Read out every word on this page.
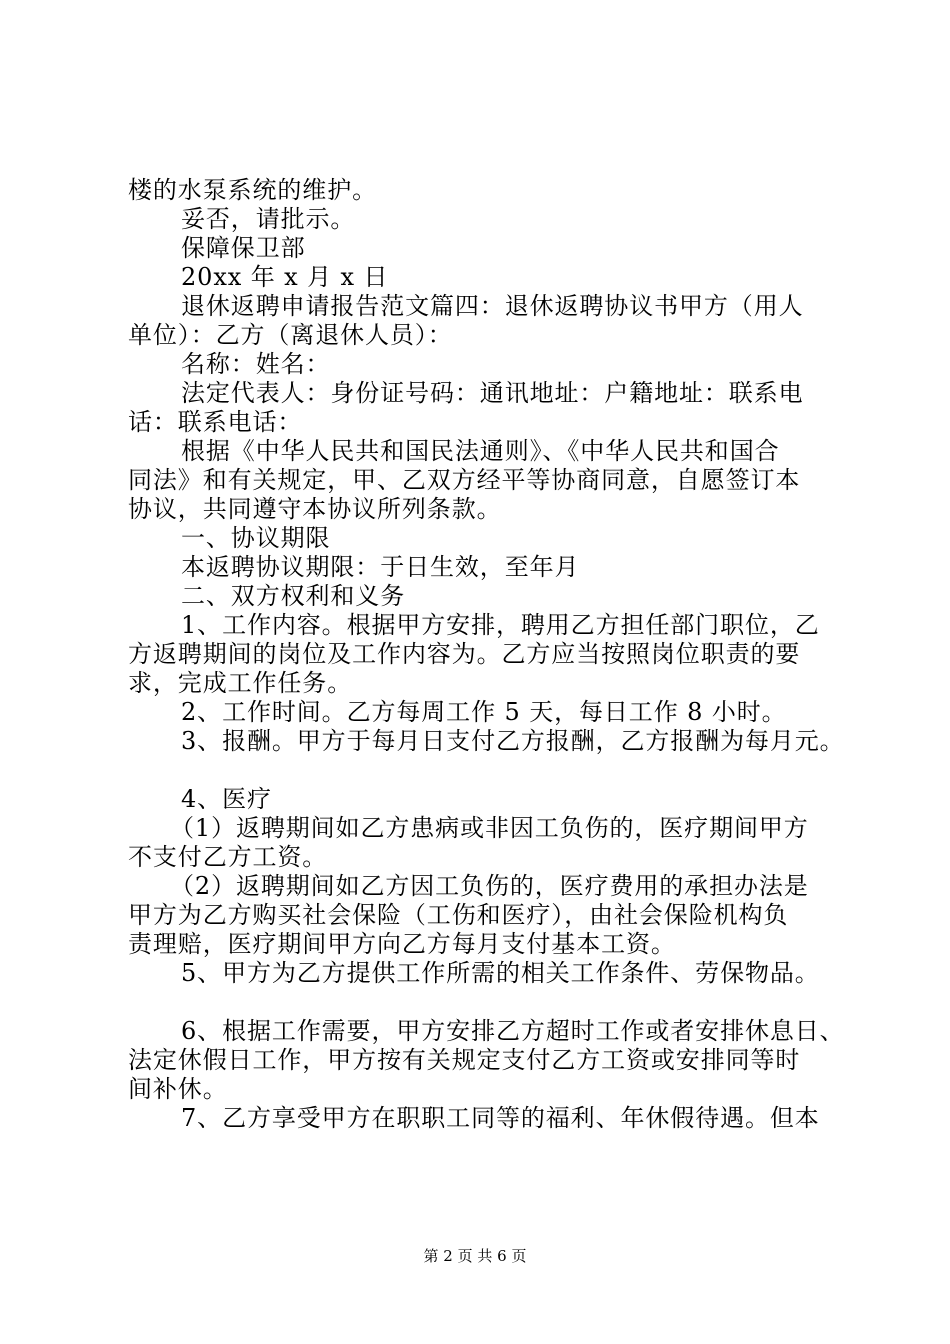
楼的水泵系统的维护。

妥否，请批示。

保障保卫部

20xx 年 x 月 x 日

退休返聘申请报告范文篇四：退休返聘协议书甲方（用人

单位）：乙方（离退休人员）：

名称：姓名：

法定代表人：身份证号码：通讯地址：户籍地址：联系电

话：联系电话：

根据《中华人民共和国民法通则》、《中华人民共和国合

同法》和有关规定，甲、乙双方经平等协商同意，自愿签订本

协议，共同遵守本协议所列条款。

一、协议期限

本返聘协议期限：于日生效，至年月

二、双方权利和义务

1、工作内容。根据甲方安排，聘用乙方担任部门职位，乙

方返聘期间的岗位及工作内容为。乙方应当按照岗位职责的要

求，完成工作任务。

2、工作时间。乙方每周工作 5 天，每日工作 8 小时。

3、报酬。甲方于每月日支付乙方报酬，乙方报酬为每月元。

4、医疗

（1）返聘期间如乙方患病或非因工负伤的，医疗期间甲方

不支付乙方工资。

（2）返聘期间如乙方因工负伤的，医疗费用的承担办法是

甲方为乙方购买社会保险（工伤和医疗），由社会保险机构负

责理赔，医疗期间甲方向乙方每月支付基本工资。

5、甲方为乙方提供工作所需的相关工作条件、劳保物品。

6、根据工作需要，甲方安排乙方超时工作或者安排休息日、

法定休假日工作，甲方按有关规定支付乙方工资或安排同等时

间补休。

7、乙方享受甲方在职职工同等的福利、年休假待遇。但本

第 2 页 共 6 页
